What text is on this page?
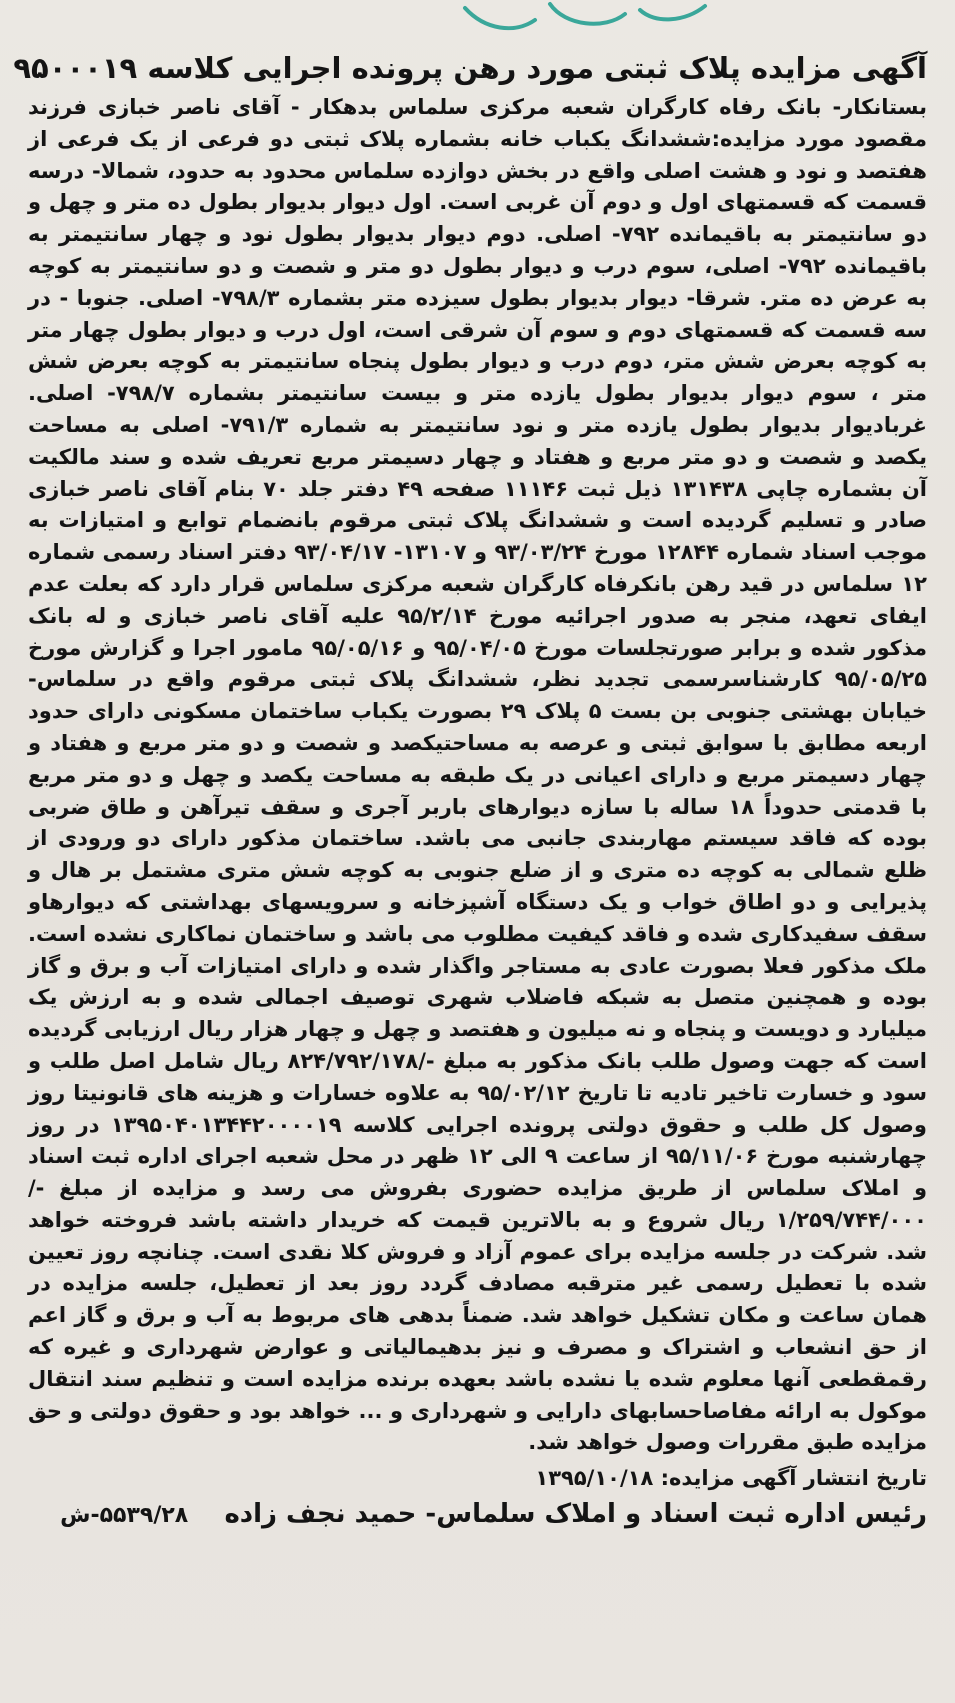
آگهی مزایده پلاک ثبتی مورد رهن پرونده اجرایی کلاسه ۹۵۰۰۰۱۹

بستانکار- بانک رفاه کارگران شعبه مرکزی سلماس بدهکار - آقای ناصر خبازی فرزند مقصود مورد مزایده:ششدانگ یکباب خانه بشماره پلاک ثبتی دو فرعی از یک فرعی از هفتصد و نود و هشت اصلی واقع در بخش دوازده سلماس محدود به حدود، شمالا- درسه قسمت که قسمتهای اول و دوم آن غربی است. اول دیوار بدیوار بطول ده متر و چهل و دو سانتیمتر به باقیمانده ۷۹۲- اصلی. دوم دیوار بدیوار بطول نود و چهار سانتیمتر به باقیمانده ۷۹۲- اصلی، سوم درب و دیوار بطول دو متر و شصت و دو سانتیمتر به کوچه به عرض ده متر. شرقا- دیوار بدیوار بطول سیزده متر بشماره ۷۹۸/۳- اصلی. جنوبا - در سه قسمت که قسمتهای دوم و سوم آن شرقی است، اول درب و دیوار بطول چهار متر به کوچه بعرض شش متر، دوم درب و دیوار بطول پنجاه سانتیمتر به کوچه بعرض شش متر ، سوم دیوار بدیوار بطول یازده متر و بیست سانتیمتر بشماره ۷۹۸/۷- اصلی. غربادیوار بدیوار بطول یازده متر و نود سانتیمتر به شماره ۷۹۱/۳- اصلی به مساحت یکصد و شصت و دو متر مربع و هفتاد و چهار دسیمتر مربع تعریف شده و سند مالکیت آن بشماره چاپی ۱۳۱۴۳۸ ذیل ثبت ۱۱۱۴۶ صفحه ۴۹ دفتر جلد ۷۰ بنام آقای ناصر خبازی صادر و تسلیم گردیده است و ششدانگ پلاک ثبتی مرقوم بانضمام توابع و امتیازات به موجب اسناد شماره ۱۲۸۴۴ مورخ ۹۳/۰۳/۲۴ و ۱۳۱۰۷- ۹۳/۰۴/۱۷ دفتر اسناد رسمی شماره ۱۲ سلماس در قید رهن بانکرفاه کارگران شعبه مرکزی سلماس قرار دارد که بعلت عدم ایفای تعهد، منجر به صدور اجرائیه مورخ ۹۵/۲/۱۴ علیه آقای ناصر خبازی و له بانک مذکور شده و برابر صورتجلسات مورخ ۹۵/۰۴/۰۵ و ۹۵/۰۵/۱۶ مامور اجرا و گزارش مورخ ۹۵/۰۵/۲۵ کارشناسرسمی تجدید نظر، ششدانگ پلاک ثبتی مرقوم واقع در سلماس- خیابان بهشتی جنوبی بن بست ۵ پلاک ۲۹ بصورت یکباب ساختمان مسکونی دارای حدود اربعه مطابق با سوابق ثبتی و عرصه به مساحتیکصد و شصت و دو متر مربع و هفتاد و چهار دسیمتر مربع و دارای اعیانی در یک طبقه به مساحت یکصد و چهل و دو متر مربع با قدمتی حدوداً ۱۸ ساله با سازه دیوارهای باربر آجری و سقف تیرآهن و طاق ضربی بوده که فاقد سیستم مهاربندی جانبی می باشد. ساختمان مذکور دارای دو ورودی از ظلع شمالی به کوچه ده متری و از ضلع جنوبی به کوچه شش متری مشتمل بر هال و پذیرایی و دو اطاق خواب و یک دستگاه آشپزخانه و سرویسهای بهداشتی که دیوارهاو سقف سفیدکاری شده و فاقد کیفیت مطلوب می باشد و ساختمان نماکاری نشده است. ملک مذکور فعلا بصورت عادی به مستاجر واگذار شده و دارای امتیازات آب و برق و گاز بوده و همچنین متصل به شبکه فاضلاب شهری توصیف اجمالی شده و به ارزش یک میلیارد و دویست و پنجاه و نه میلیون و هفتصد و چهل و چهار هزار ریال ارزیابی گردیده است که جهت وصول طلب بانک مذکور به مبلغ -/۸۲۴/۷۹۲/۱۷۸ ریال شامل اصل طلب و سود و خسارت تاخیر تادیه تا تاریخ ۹۵/۰۲/۱۲ به علاوه خسارات و هزینه های قانونیتا روز وصول کل طلب و حقوق دولتی پرونده اجرایی کلاسه ۱۳۹۵۰۴۰۱۳۴۴۲۰۰۰۰۱۹ در روز چهارشنبه مورخ ۹۵/۱۱/۰۶ از ساعت ۹ الی ۱۲ ظهر در محل شعبه اجرای اداره ثبت اسناد و املاک سلماس از طریق مزایده حضوری بفروش می رسد و مزایده از مبلغ -/۱/۲۵۹/۷۴۴/۰۰۰ ریال شروع و به بالاترین قیمت که خریدار داشته باشد فروخته خواهد شد. شرکت در جلسه مزایده برای عموم آزاد و فروش کلا نقدی است. چنانچه روز تعیین شده با تعطیل رسمی غیر مترقبه مصادف گردد روز بعد از تعطیل، جلسه مزایده در همان ساعت و مکان تشکیل خواهد شد. ضمناً بدهی های مربوط به آب و برق و گاز اعم از حق انشعاب و اشتراک و مصرف و نیز بدهیمالیاتی و عوارض شهرداری و غیره که رقمقطعی آنها معلوم شده یا نشده باشد بعهده برنده مزایده است و تنظیم سند انتقال موکول به ارائه مفاصاحسابهای دارایی و شهرداری و ... خواهد بود و حقوق دولتی و حق مزایده طبق مقررات وصول خواهد شد.

تاریخ انتشار آگهی مزایده: ۱۳۹۵/۱۰/۱۸
رئیس اداره ثبت اسناد و املاک سلماس- حمید نجف زاده    ۵۵۳۹/۲۸-ش
